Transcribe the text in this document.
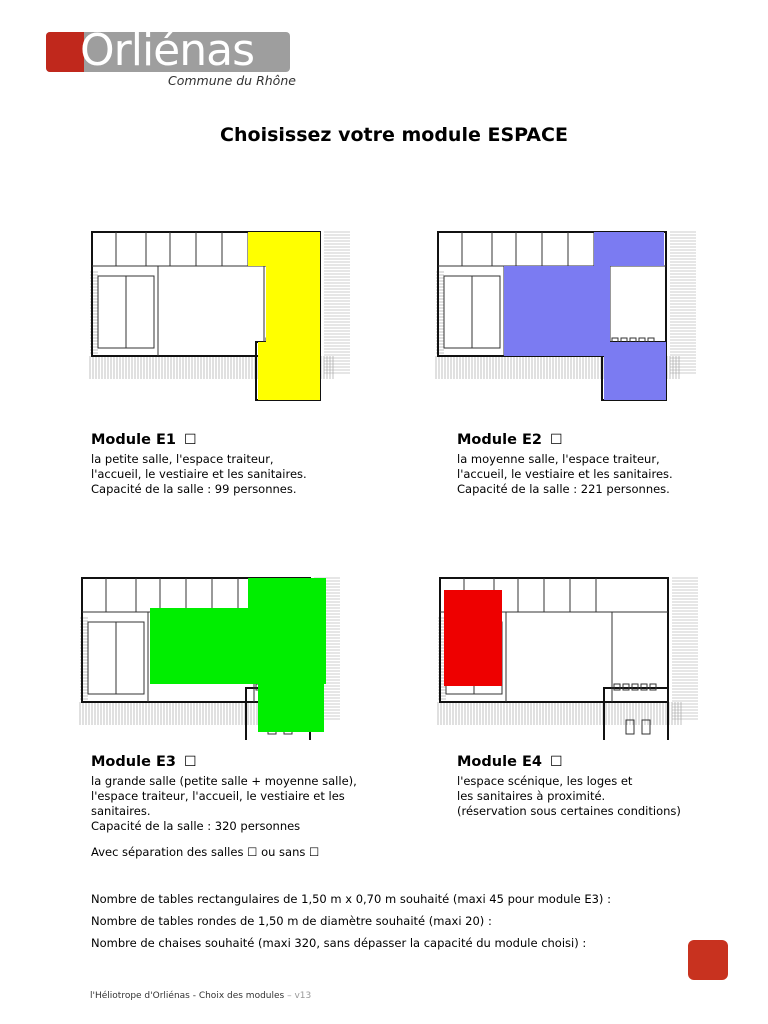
Orliénas
Commune du Rhône
Choisissez votre module ESPACE
Module E1 ☐
la petite salle, l'espace traiteur,
l'accueil, le vestiaire et les sanitaires.
Capacité de la salle : 99 personnes.
Module E2 ☐
la moyenne salle, l'espace traiteur,
l'accueil, le vestiaire et les sanitaires.
Capacité de la salle : 221 personnes.
Module E3 ☐
la grande salle (petite salle + moyenne salle),
l'espace traiteur, l'accueil, le vestiaire et les
sanitaires.
Capacité de la salle : 320 personnes
Module E4 ☐
l'espace scénique, les loges et
les sanitaires à proximité.
(réservation sous certaines conditions)
Avec séparation des salles ☐ ou sans ☐
Nombre de tables rectangulaires de 1,50 m x 0,70 m souhaité (maxi 45 pour module E3) :
Nombre de tables rondes de 1,50 m de diamètre souhaité (maxi 20) :
Nombre de chaises souhaité (maxi 320, sans dépasser la capacité du module choisi) :
l'Héliotrope d'Orliénas - Choix des modules – v13
